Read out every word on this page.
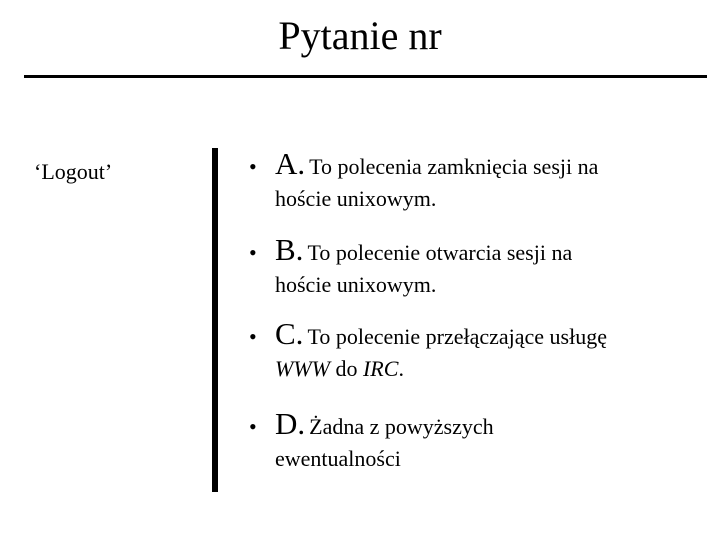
Pytanie nr
‘Logout’	• A. To polecenia zamknięcia sesji na
hoście unixowym.
• B. To polecenie otwarcia sesji na
hoście unixowym.
• C. To polecenie przełączające usługę
WWW do IRC.
• D. Żadna z powyższych
ewentualności
